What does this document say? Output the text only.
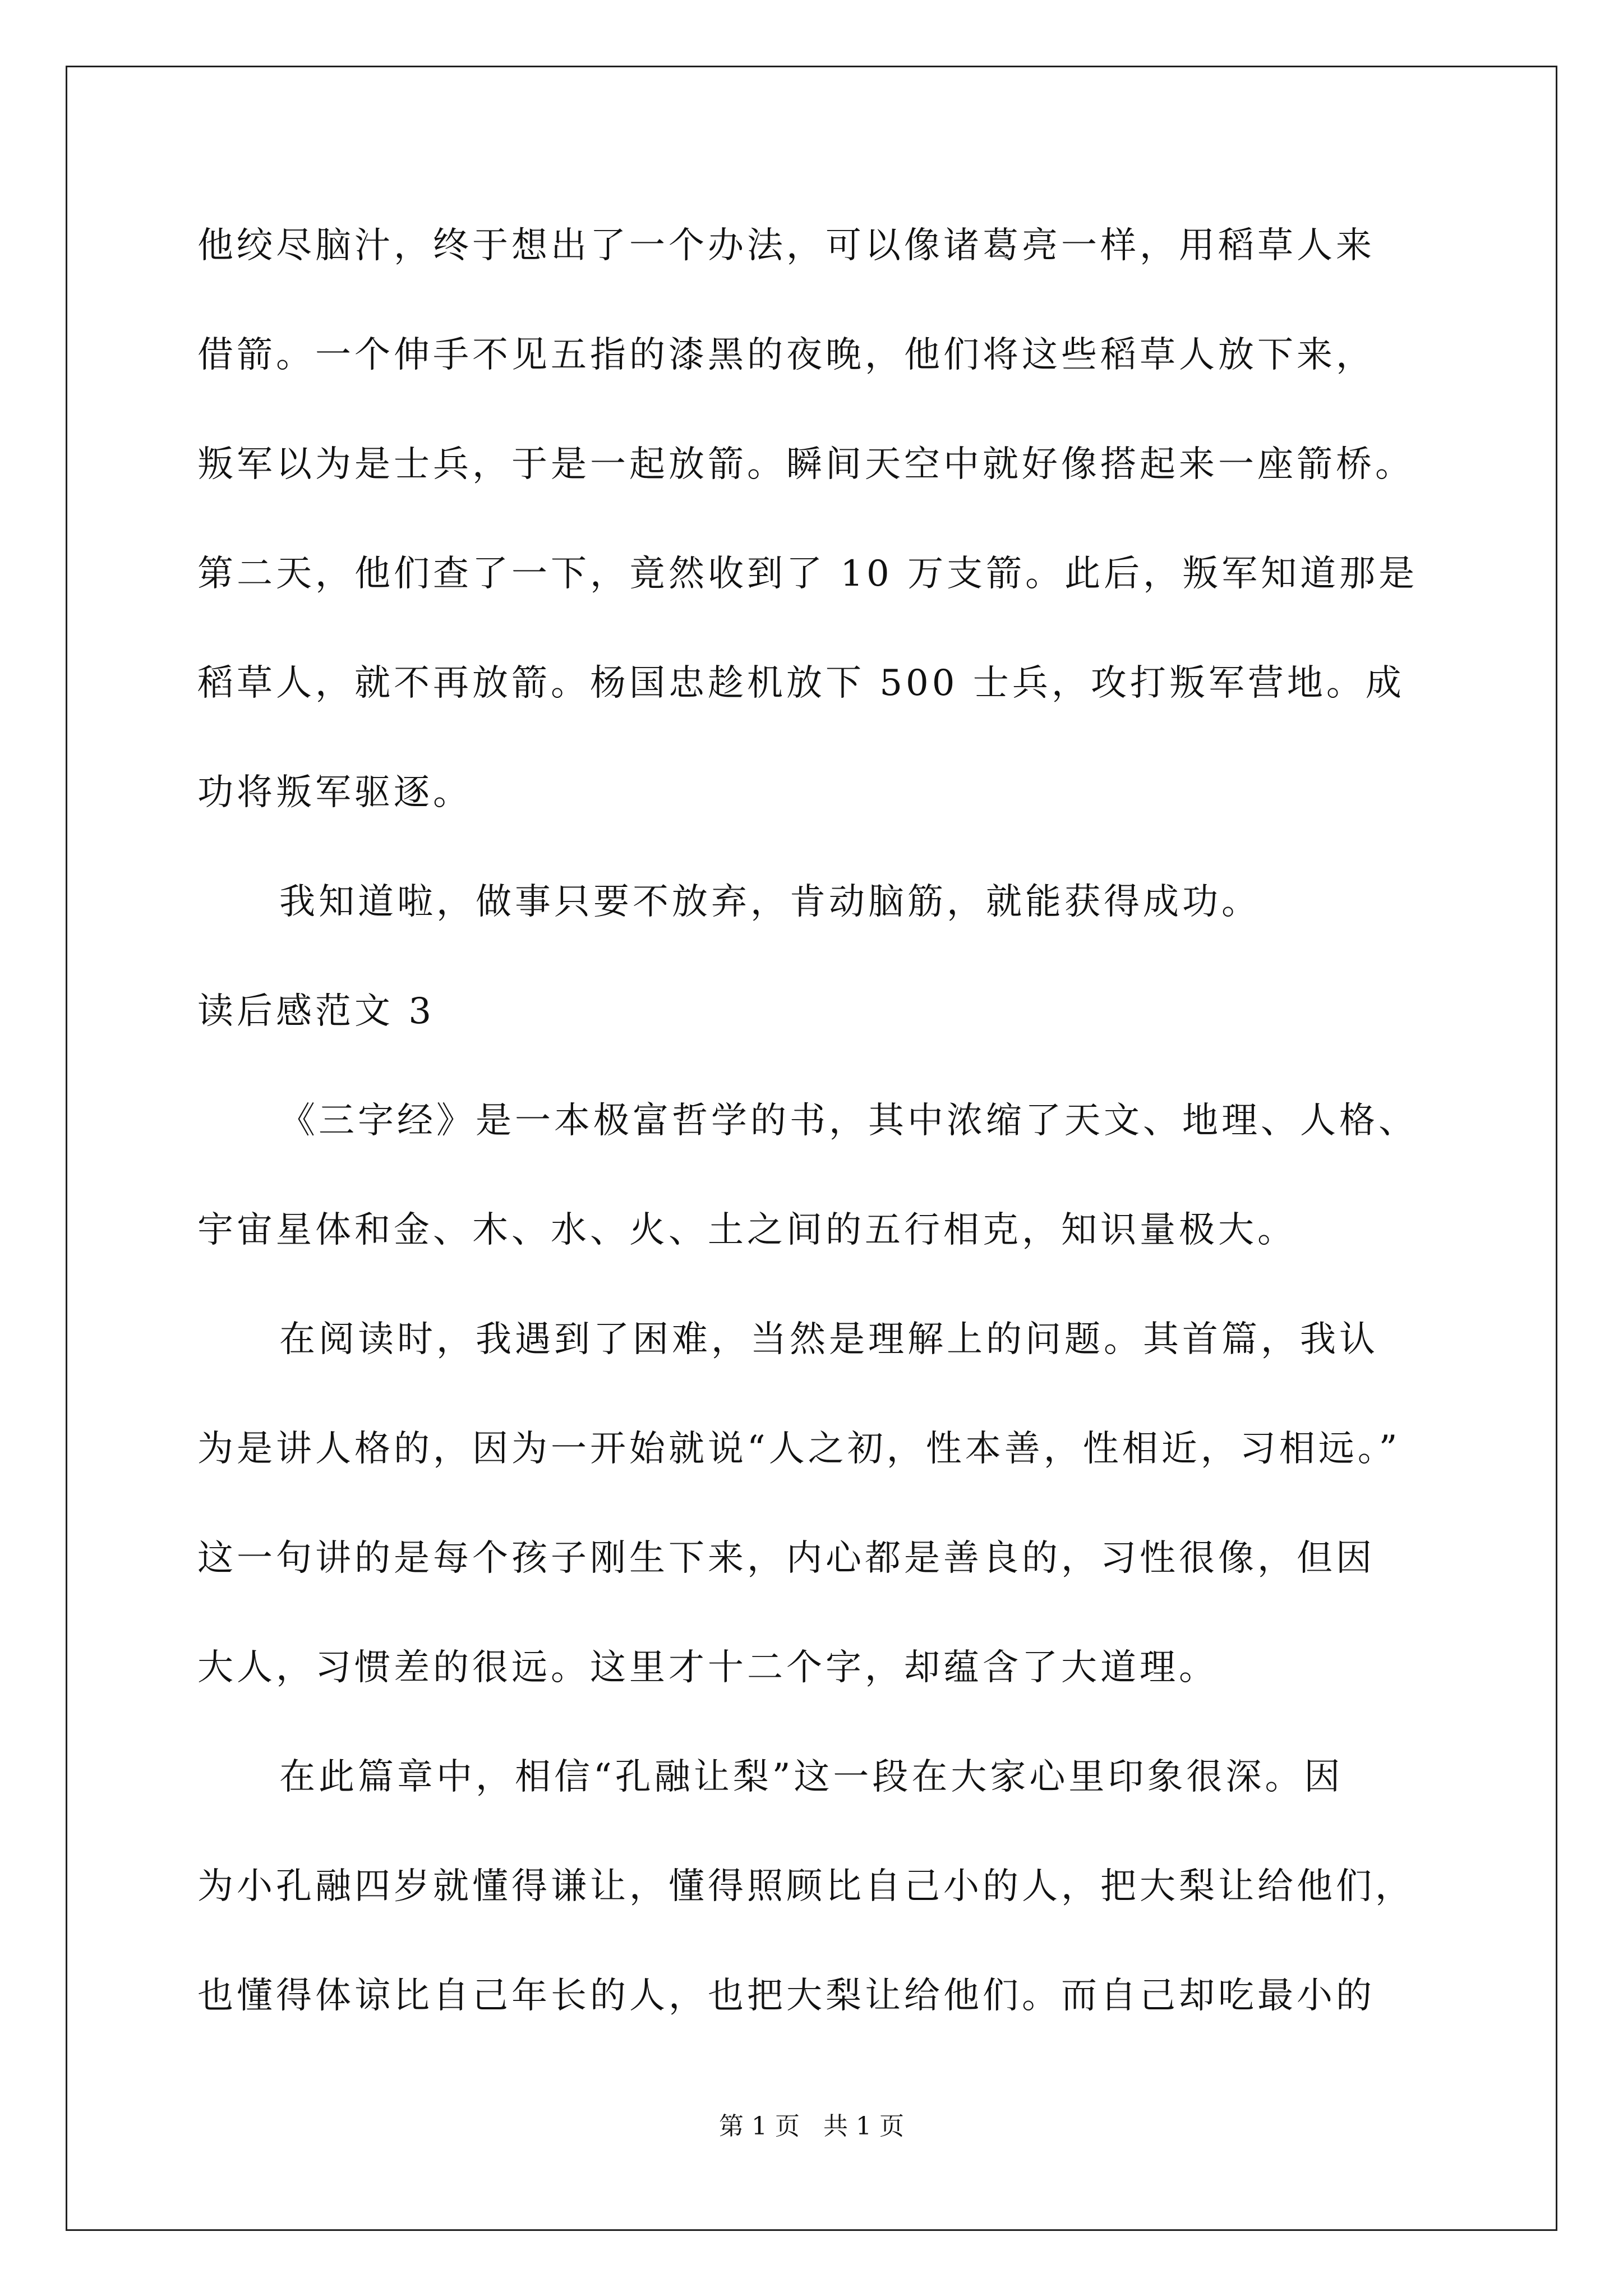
他绞尽脑汁，终于想出了一个办法，可以像诸葛亮一样，用稻草人来
借箭。一个伸手不见五指的漆黑的夜晚，他们将这些稻草人放下来，
叛军以为是士兵，于是一起放箭。瞬间天空中就好像搭起来一座箭桥。
第二天，他们查了一下，竟然收到了 10 万支箭。此后，叛军知道那是
稻草人，就不再放箭。杨国忠趁机放下 500 士兵，攻打叛军营地。成
功将叛军驱逐。
我知道啦，做事只要不放弃，肯动脑筋，就能获得成功。
读后感范文 3
《三字经》是一本极富哲学的书，其中浓缩了天文、地理、人格、
宇宙星体和金、木、水、火、土之间的五行相克，知识量极大。
在阅读时，我遇到了困难，当然是理解上的问题。其首篇，我认
为是讲人格的，因为一开始就说“人之初，性本善，性相近，习相远。”
这一句讲的是每个孩子刚生下来，内心都是善良的，习性很像，但因
大人，习惯差的很远。这里才十二个字，却蕴含了大道理。
在此篇章中，相信“孔融让梨”这一段在大家心里印象很深。因
为小孔融四岁就懂得谦让，懂得照顾比自己小的人，把大梨让给他们，
也懂得体谅比自己年长的人，也把大梨让给他们。而自己却吃最小的
第 1 页   共 1 页
